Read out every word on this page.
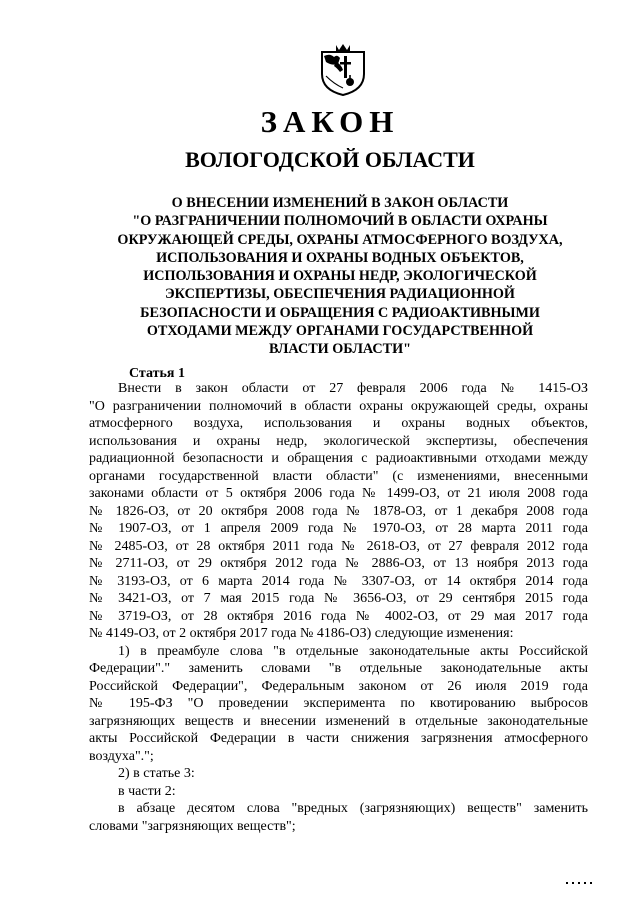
ЗАКОН
ВОЛОГОДСКОЙ ОБЛАСТИ
О ВНЕСЕНИИ ИЗМЕНЕНИЙ В ЗАКОН ОБЛАСТИ
"О РАЗГРАНИЧЕНИИ ПОЛНОМОЧИЙ В ОБЛАСТИ ОХРАНЫ
ОКРУЖАЮЩЕЙ СРЕДЫ, ОХРАНЫ АТМОСФЕРНОГО ВОЗДУХА,
ИСПОЛЬЗОВАНИЯ И ОХРАНЫ ВОДНЫХ ОБЪЕКТОВ,
ИСПОЛЬЗОВАНИЯ И ОХРАНЫ НЕДР, ЭКОЛОГИЧЕСКОЙ
ЭКСПЕРТИЗЫ, ОБЕСПЕЧЕНИЯ РАДИАЦИОННОЙ
БЕЗОПАСНОСТИ И ОБРАЩЕНИЯ С РАДИОАКТИВНЫМИ
ОТХОДАМИ МЕЖДУ ОРГАНАМИ ГОСУДАРСТВЕННОЙ
ВЛАСТИ ОБЛАСТИ"
Статья 1
Внести в закон области от 27 февраля 2006 года № 1415-ОЗ
"О разграничении полномочий в области охраны окружающей среды, охраны
атмосферного воздуха, использования и охраны водных объектов,
использования и охраны недр, экологической экспертизы, обеспечения
радиационной безопасности и обращения с радиоактивными отходами между
органами государственной власти области" (с изменениями, внесенными
законами области от 5 октября 2006 года № 1499-ОЗ, от 21 июля 2008 года
№ 1826-ОЗ, от 20 октября 2008 года № 1878-ОЗ, от 1 декабря 2008 года
№ 1907-ОЗ, от 1 апреля 2009 года № 1970-ОЗ, от 28 марта 2011 года
№ 2485-ОЗ, от 28 октября 2011 года № 2618-ОЗ, от 27 февраля 2012 года
№ 2711-ОЗ, от 29 октября 2012 года № 2886-ОЗ, от 13 ноября 2013 года
№ 3193-ОЗ, от 6 марта 2014 года № 3307-ОЗ, от 14 октября 2014 года
№ 3421-ОЗ, от 7 мая 2015 года № 3656-ОЗ, от 29 сентября 2015 года
№ 3719-ОЗ, от 28 октября 2016 года № 4002-ОЗ, от 29 мая 2017 года
№ 4149-ОЗ, от 2 октября 2017 года № 4186-ОЗ) следующие изменения:
1) в преамбуле слова "в отдельные законодательные акты Российской
Федерации"." заменить словами "в отдельные законодательные акты
Российской Федерации", Федеральным законом от 26 июля 2019 года
№ 195-ФЗ "О проведении эксперимента по квотированию выбросов
загрязняющих веществ и внесении изменений в отдельные законодательные
акты Российской Федерации в части снижения загрязнения атмосферного
воздуха".";
2) в статье 3:
в части 2:
в абзаце десятом слова "вредных (загрязняющих) веществ" заменить
словами "загрязняющих веществ";
